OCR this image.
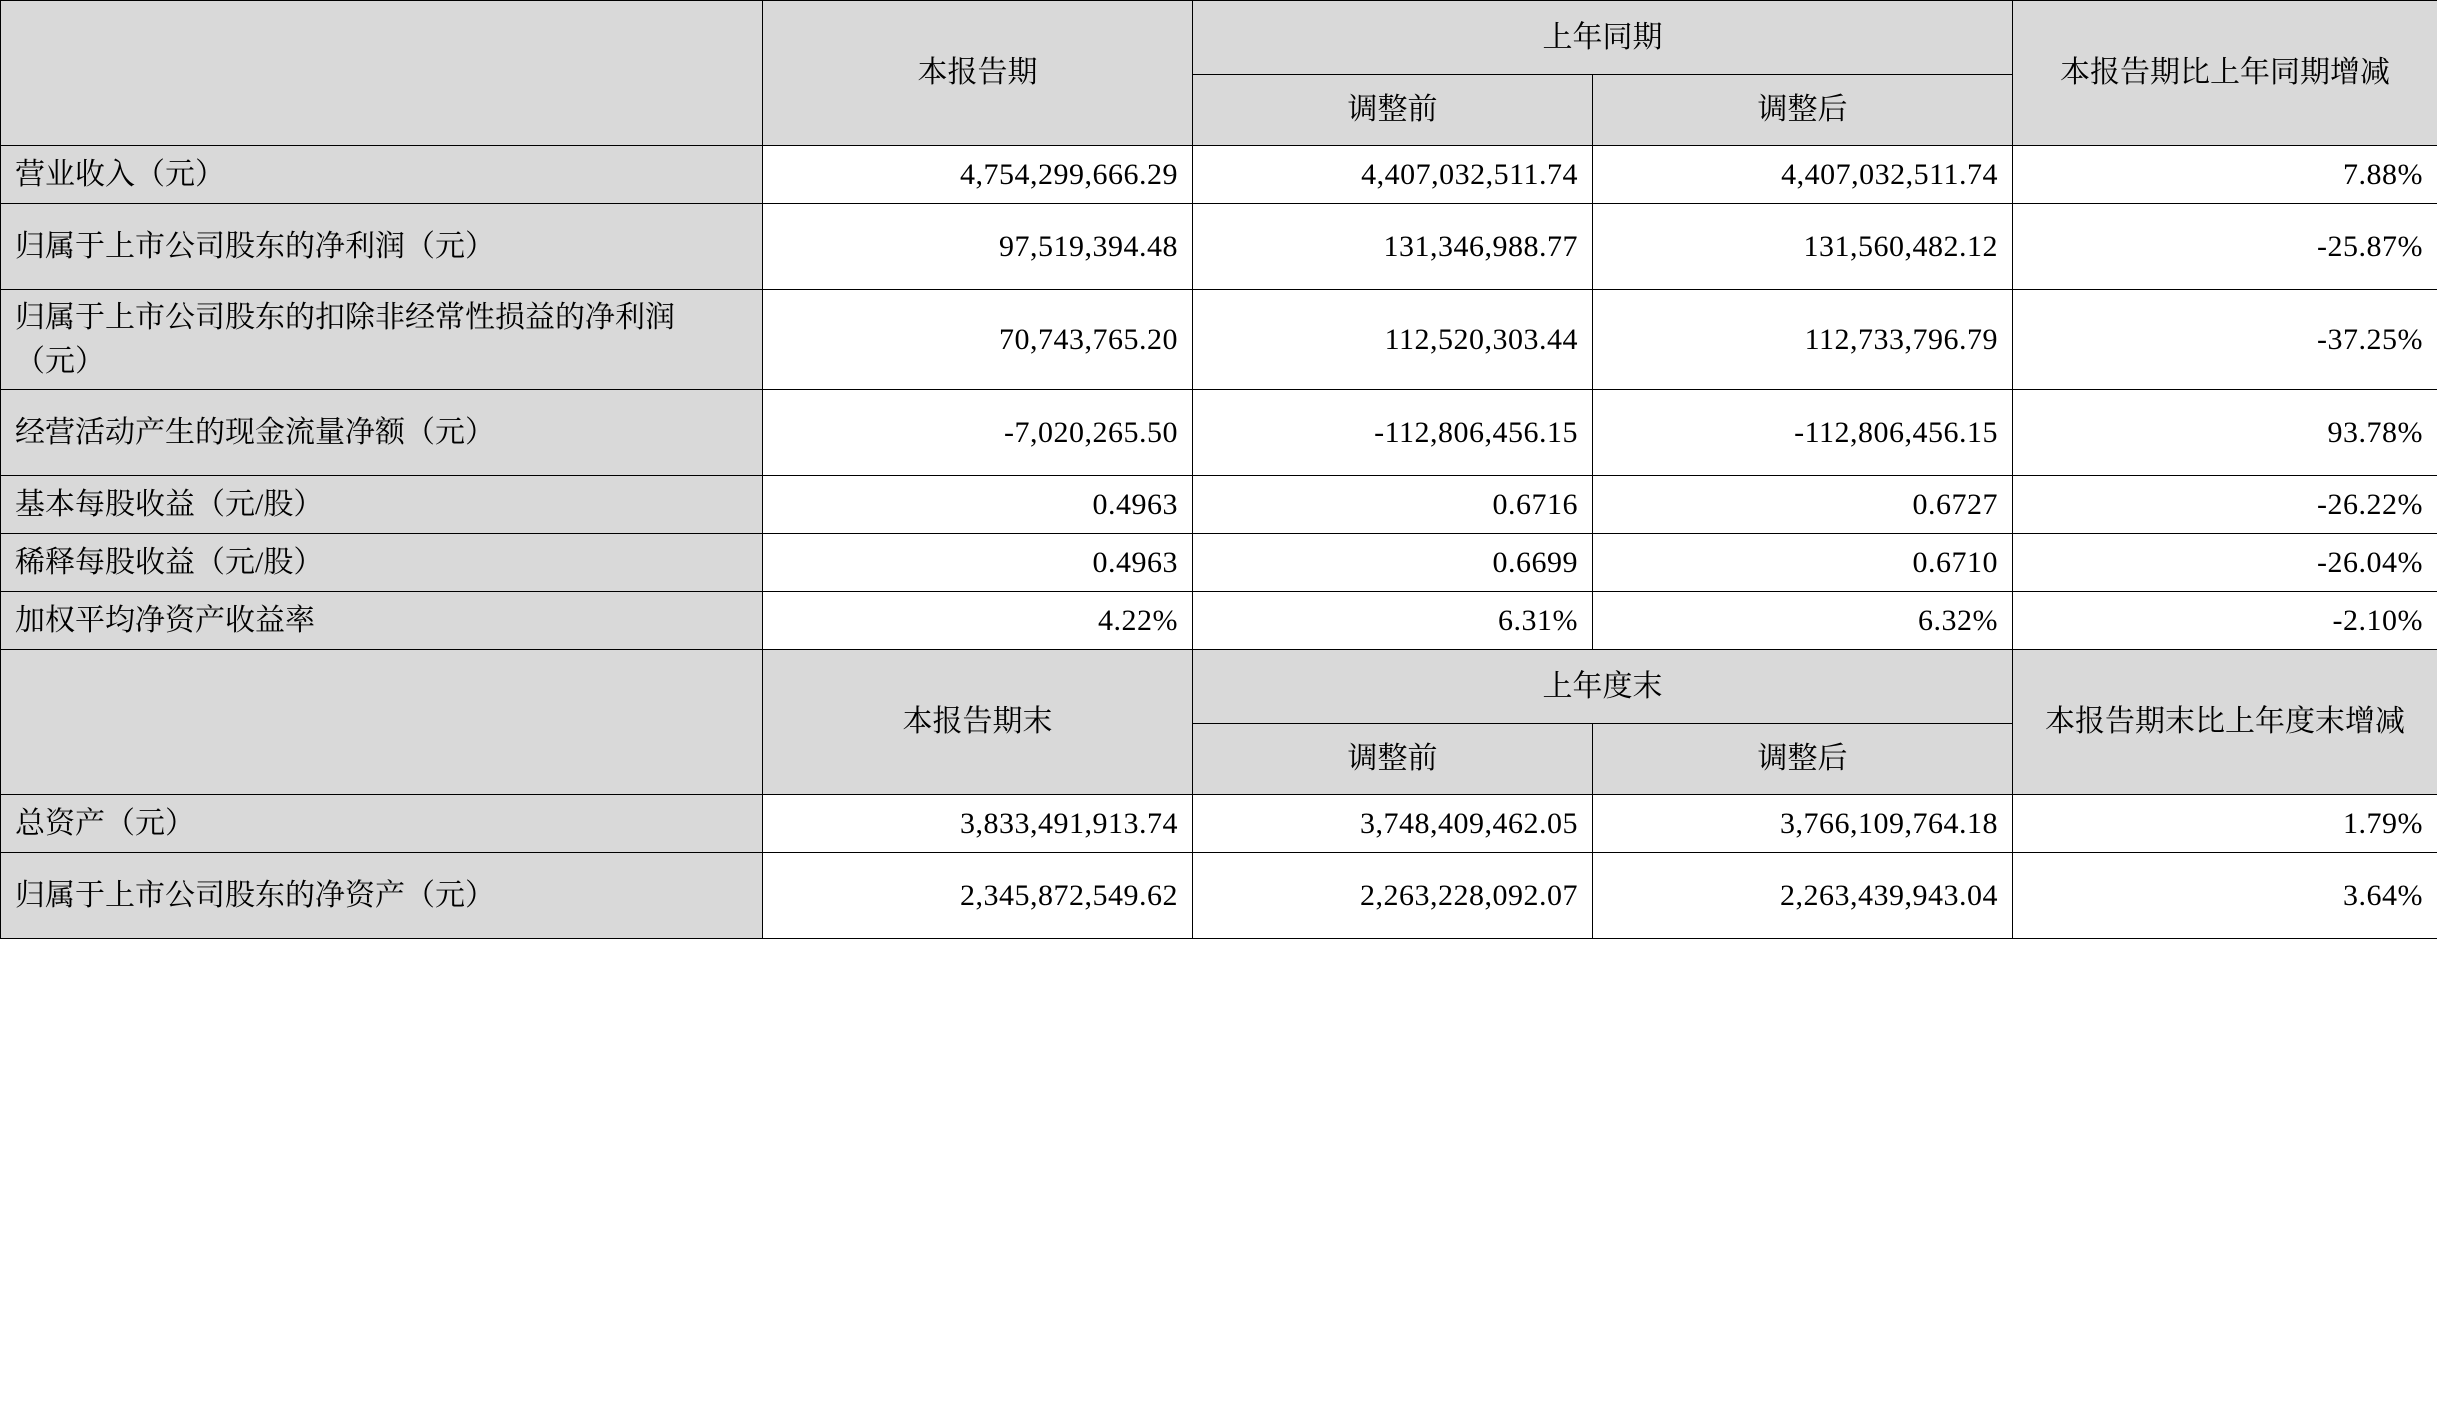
	本报告期	上年同期		本报告期比上年同期增减
		调整前	调整后	
营业收入（元）	4,754,299,666.29	4,407,032,511.74	4,407,032,511.74	7.88%
归属于上市公司股东的净利润（元）	97,519,394.48	131,346,988.77	131,560,482.12	-25.87%
归属于上市公司股东的扣除非经常性损益的净利润（元）	70,743,765.20	112,520,303.44	112,733,796.79	-37.25%
经营活动产生的现金流量净额（元）	-7,020,265.50	-112,806,456.15	-112,806,456.15	93.78%
基本每股收益（元/股）	0.4963	0.6716	0.6727	-26.22%
稀释每股收益（元/股）	0.4963	0.6699	0.6710	-26.04%
加权平均净资产收益率	4.22%	6.31%	6.32%	-2.10%
	本报告期末	上年度末		本报告期末比上年度末增减
		调整前	调整后	
总资产（元）	3,833,491,913.74	3,748,409,462.05	3,766,109,764.18	1.79%
归属于上市公司股东的净资产（元）	2,345,872,549.62	2,263,228,092.07	2,263,439,943.04	3.64%
